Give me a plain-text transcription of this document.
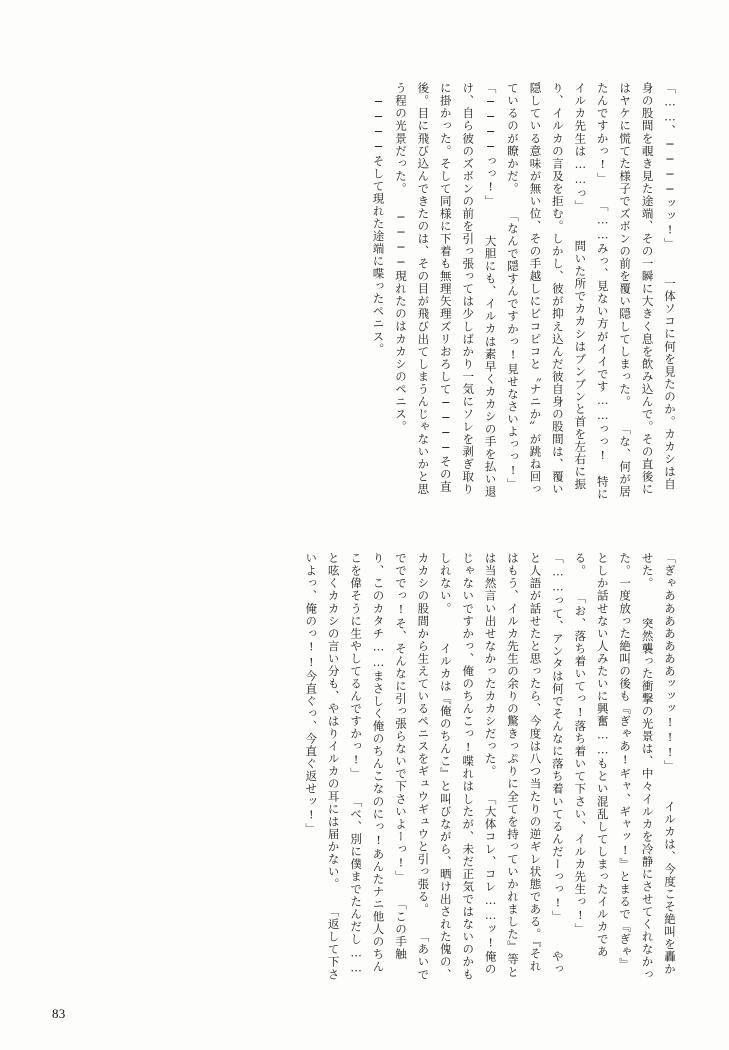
「……、────ッッ!」 　一体ソコに何を見たのか。カカシは自身の股間を覗き見た途端、その一瞬に大きく息を飲み込んで。その直後にはヤケに慌てた様子でズボンの前を覆い隠してしまった。 「な、何が居たんですかっ!」 「……みっ、見ない方がイイです……っっ!　特にイルカ先生は……っ」 　問いた所でカカシはブンブンと首を左右に振り、イルカの言及を拒む。しかし、彼が抑え込んだ彼自身の股間は、覆い隠している意味が無い位、その手越しにピコピコと〝ナニか〟が跳ね回っているのが瞭かだ。 「なんで隠すんですかっ!見せなさいよっっ!」 「────っっ!」 　大胆にも、イルカは素早くカカシの手を払い退け、自ら彼のズボンの前を引っ張っては少しばかり一気にソレを剥ぎ取りに掛かった。そして同様に下着も無理矢理ズリおろして────その直後。目に飛び込んできたのは、その目が飛び出てしまうんじゃないかと思う程の光景だった。 ────現れたのはカカシのペニス。 　────そして現れた途端に喋ったペニス。

「ぎゃあああああああッッッ!!!」 　イルカは、今度こそ絶叫を轟かせた。 　突然襲った衝撃の光景は、中々イルカを冷静にさせてくれなかった。一度放った絶叫の後も『ぎゃあ!ギャ、ギャッ!』とまるで『ぎゃ』としか話せない人みたいに興奮……もとい混乱してしまったイルカである。 「お、落ち着いてっ!落ち着いて下さい、イルカ先生っ!」 「……って、アンタは何でそんなに落ち着いてるんだーっっ!」 　やっと人語が話せたと思ったら、今度は八つ当たりの逆ギレ状態である。『それはもう、イルカ先生の余りの驚きっぷりに全てを持っていかれました』等とは当然言い出せなかったカカシだった。 「大体コレ、コレ……ッ!俺のじゃないですかっ、俺のちんこっ!喋れはしたが、未だ正気ではないのかもしれない。 　イルカは『俺のちんこ』と叫びながら、晒け出された傀の、カカシの股間から生えているペニスをギュウギュウと引っ張る。 「あいででででっ!そ、そんなに引っ張らないで下さいよーっ!」 「この手触り、このカタチ……まさしく俺のちんこなのにっ!あんたナニ他人のちんこを偉そうに生やしてるんですかっ!」 「べ、別に僕までたんだし……と呟くカカシの言い分も、やはりイルカの耳には届かない。 「返して下さいよっ、俺のっ!!今直ぐっ、今直ぐ返せッ!」

83
